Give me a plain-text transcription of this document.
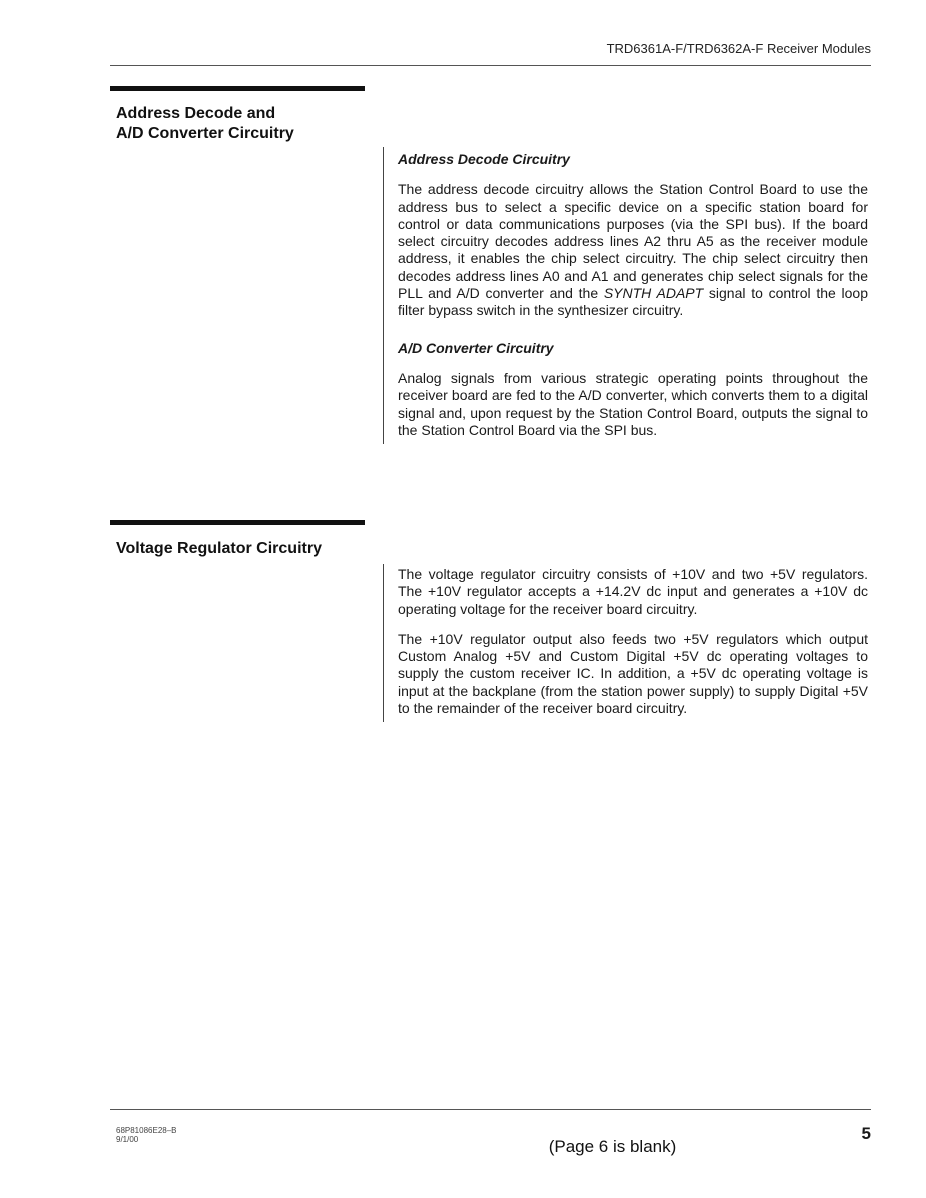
TRD6361A-F/TRD6362A-F Receiver Modules
Address Decode and
A/D Converter Circuitry
Address Decode Circuitry

The address decode circuitry allows the Station Control Board to use the address bus to select a specific device on a specific station board for control or data communications purposes (via the SPI bus). If the board select circuitry decodes address lines A2 thru A5 as the receiver module address, it enables the chip select circuitry. The chip select circuitry then decodes address lines A0 and A1 and generates chip select signals for the PLL and A/D converter and the SYNTH ADAPT signal to control the loop filter bypass switch in the synthesizer circuitry.

A/D Converter Circuitry

Analog signals from various strategic operating points throughout the receiver board are fed to the A/D converter, which converts them to a digital signal and, upon request by the Station Control Board, outputs the signal to the Station Control Board via the SPI bus.

Voltage Regulator Circuitry

The voltage regulator circuitry consists of +10V and two +5V regulators. The +10V regulator accepts a +14.2V dc input and generates a +10V dc operating voltage for the receiver board circuitry.

The +10V regulator output also feeds two +5V regulators which output Custom Analog +5V and Custom Digital +5V dc operating voltages to supply the custom receiver IC. In addition, a +5V dc operating voltage is input at the backplane (from the station power supply) to supply Digital +5V to the remainder of the receiver board circuitry.

68P81086E28–B
9/1/00	5
(Page 6 is blank)
